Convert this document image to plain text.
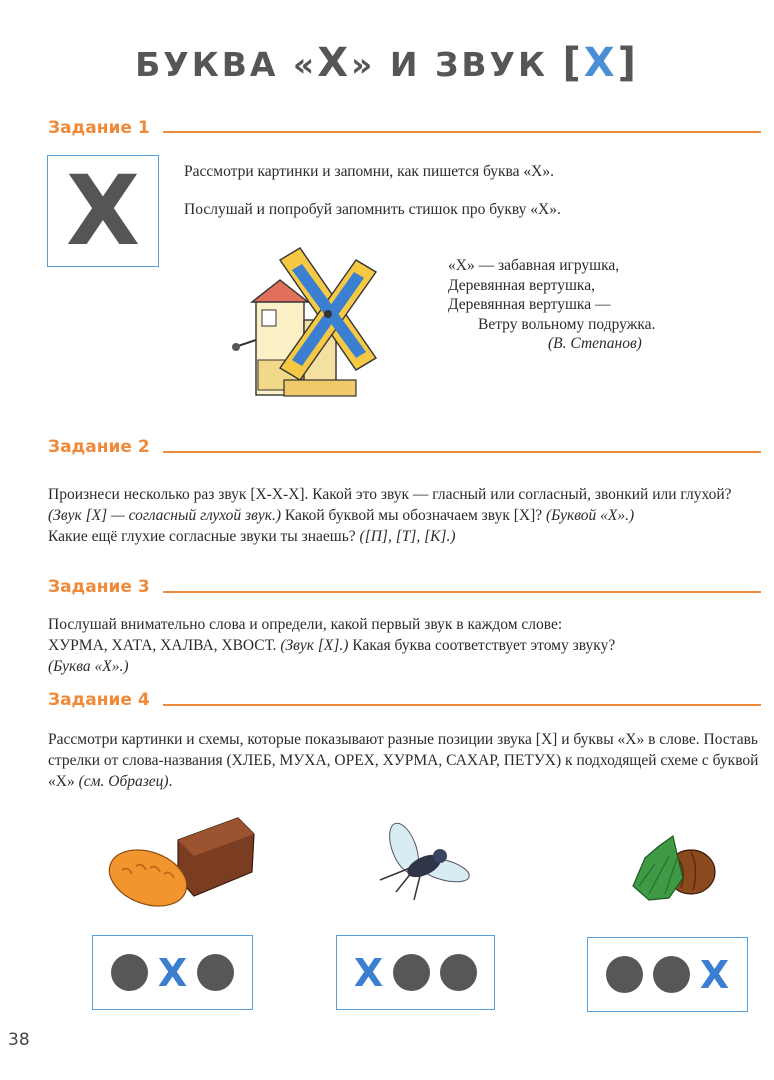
БУКВА «Х» И ЗВУК [Х]
Задание 1
Х	Рассмотри картинки и запомни, как пишется буква «Х».
Послушай и попробуй запомнить стишок про букву «Х».
«Х» — забавная игрушка,
Деревянная вертушка,
Деревянная вертушка —
Ветру вольному подружка.
(В. Степанов)
Задание 2
Произнеси несколько раз звук [Х-Х-Х]. Какой это звук — гласный или согласный, звонкий или глухой? (Звук [Х] — согласный глухой звук.) Какой буквой мы обозначаем звук [Х]? (Буквой «Х».)
Какие ещё глухие согласные звуки ты знаешь? ([П], [Т], [К].)
Задание 3
Послушай внимательно слова и определи, какой первый звук в каждом слове:
ХУРМА, ХАТА, ХАЛВА, ХВОСТ. (Звук [Х].) Какая буква соответствует этому звуку?
(Буква «Х».)
Задание 4
Рассмотри картинки и схемы, которые показывают разные позиции звука [Х] и буквы «Х» в слове. Поставь стрелки от слова-названия (ХЛЕБ, МУХА, ОРЕХ, ХУРМА, САХАР, ПЕТУХ) к подходящей схеме с буквой «Х» (см. Образец).
Х	Х	Х
38
